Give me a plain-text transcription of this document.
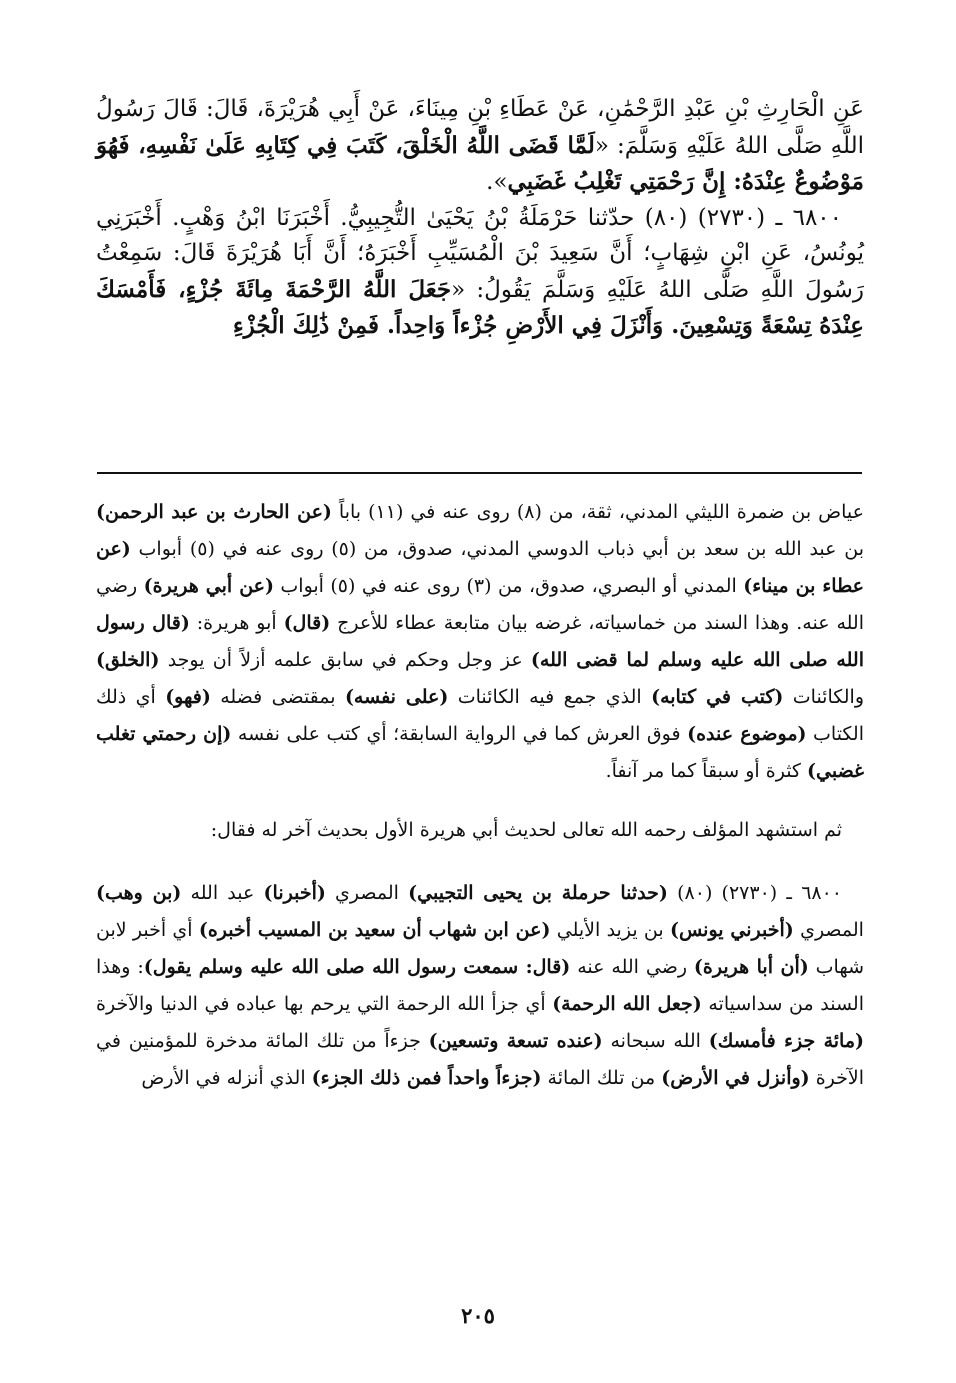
عَنِ الْحَارِثِ بْنِ عَبْدِ الرَّحْمَٰنِ، عَنْ عَطَاءِ بْنِ مِينَاءَ، عَنْ أَبِي هُرَيْرَةَ، قَالَ: قَالَ رَسُولُ اللَّهِ صَلَّى اللهُ عَلَيْهِ وَسَلَّمَ: «لَمَّا قَضَى اللَّهُ الْخَلْقَ، كَتَبَ فِي كِتَابِهِ عَلَىٰ نَفْسِهِ، فَهُوَ مَوْضُوعٌ عِنْدَهُ: إِنَّ رَحْمَتِي تَغْلِبُ غَضَبِي».

٦٨٠٠ ـ (٢٧٣٠) (٨٠) حدّثنا حَرْمَلَةُ بْنُ يَحْيَىٰ التُّجِيبِيُّ. أَخْبَرَنَا ابْنُ وَهْبٍ. أَخْبَرَنِي يُونُسُ، عَنِ ابْنِ شِهَابٍ؛ أَنَّ سَعِيدَ بْنَ الْمُسَيِّبِ أَخْبَرَهُ؛ أَنَّ أَبَا هُرَيْرَةَ قَالَ: سَمِعْتُ رَسُولَ اللَّهِ صَلَّى اللهُ عَلَيْهِ وَسَلَّمَ يَقُولُ: «جَعَلَ اللَّهُ الرَّحْمَةَ مِائَةَ جُزْءٍ، فَأَمْسَكَ عِنْدَهُ تِسْعَةً وَتِسْعِينَ. وَأَنْزَلَ فِي الأَرْضِ جُزْءاً وَاحِداً. فَمِنْ ذَٰلِكَ الْجُزْءِ

عياض بن ضمرة الليثي المدني، ثقة، من (٨) روى عنه في (١١) باباً (عن الحارث بن عبد الرحمن) بن عبد الله بن سعد بن أبي ذباب الدوسي المدني، صدوق، من (٥) روى عنه في (٥) أبواب (عن عطاء بن ميناء) المدني أو البصري، صدوق، من (٣) روى عنه في (٥) أبواب (عن أبي هريرة) رضي الله عنه. وهذا السند من خماسياته، غرضه بيان متابعة عطاء للأعرج (قال) أبو هريرة: (قال رسول الله صلى الله عليه وسلم لما قضى الله) عز وجل وحكم في سابق علمه أزلاً أن يوجد (الخلق) والكائنات (كتب في كتابه) الذي جمع فيه الكائنات (على نفسه) بمقتضى فضله (فهو) أي ذلك الكتاب (موضوع عنده) فوق العرش كما في الرواية السابقة؛ أي كتب على نفسه (إن رحمتي تغلب غضبي) كثرة أو سبقاً كما مر آنفاً.

ثم استشهد المؤلف رحمه الله تعالى لحديث أبي هريرة الأول بحديث آخر له فقال:

٦٨٠٠ ـ (٢٧٣٠) (٨٠) (حدثنا حرملة بن يحيى التجيبي) المصري (أخبرنا) عبد الله (بن وهب) المصري (أخبرني يونس) بن يزيد الأيلي (عن ابن شهاب أن سعيد بن المسيب أخبره) أي أخبر لابن شهاب (أن أبا هريرة) رضي الله عنه (قال: سمعت رسول الله صلى الله عليه وسلم يقول): وهذا السند من سداسياته (جعل الله الرحمة) أي جزأ الله الرحمة التي يرحم بها عباده في الدنيا والآخرة (مائة جزء فأمسك) الله سبحانه (عنده تسعة وتسعين) جزءاً من تلك المائة مدخرة للمؤمنين في الآخرة (وأنزل في الأرض) من تلك المائة (جزءاً واحداً فمن ذلك الجزء) الذي أنزله في الأرض

٢٠٥
